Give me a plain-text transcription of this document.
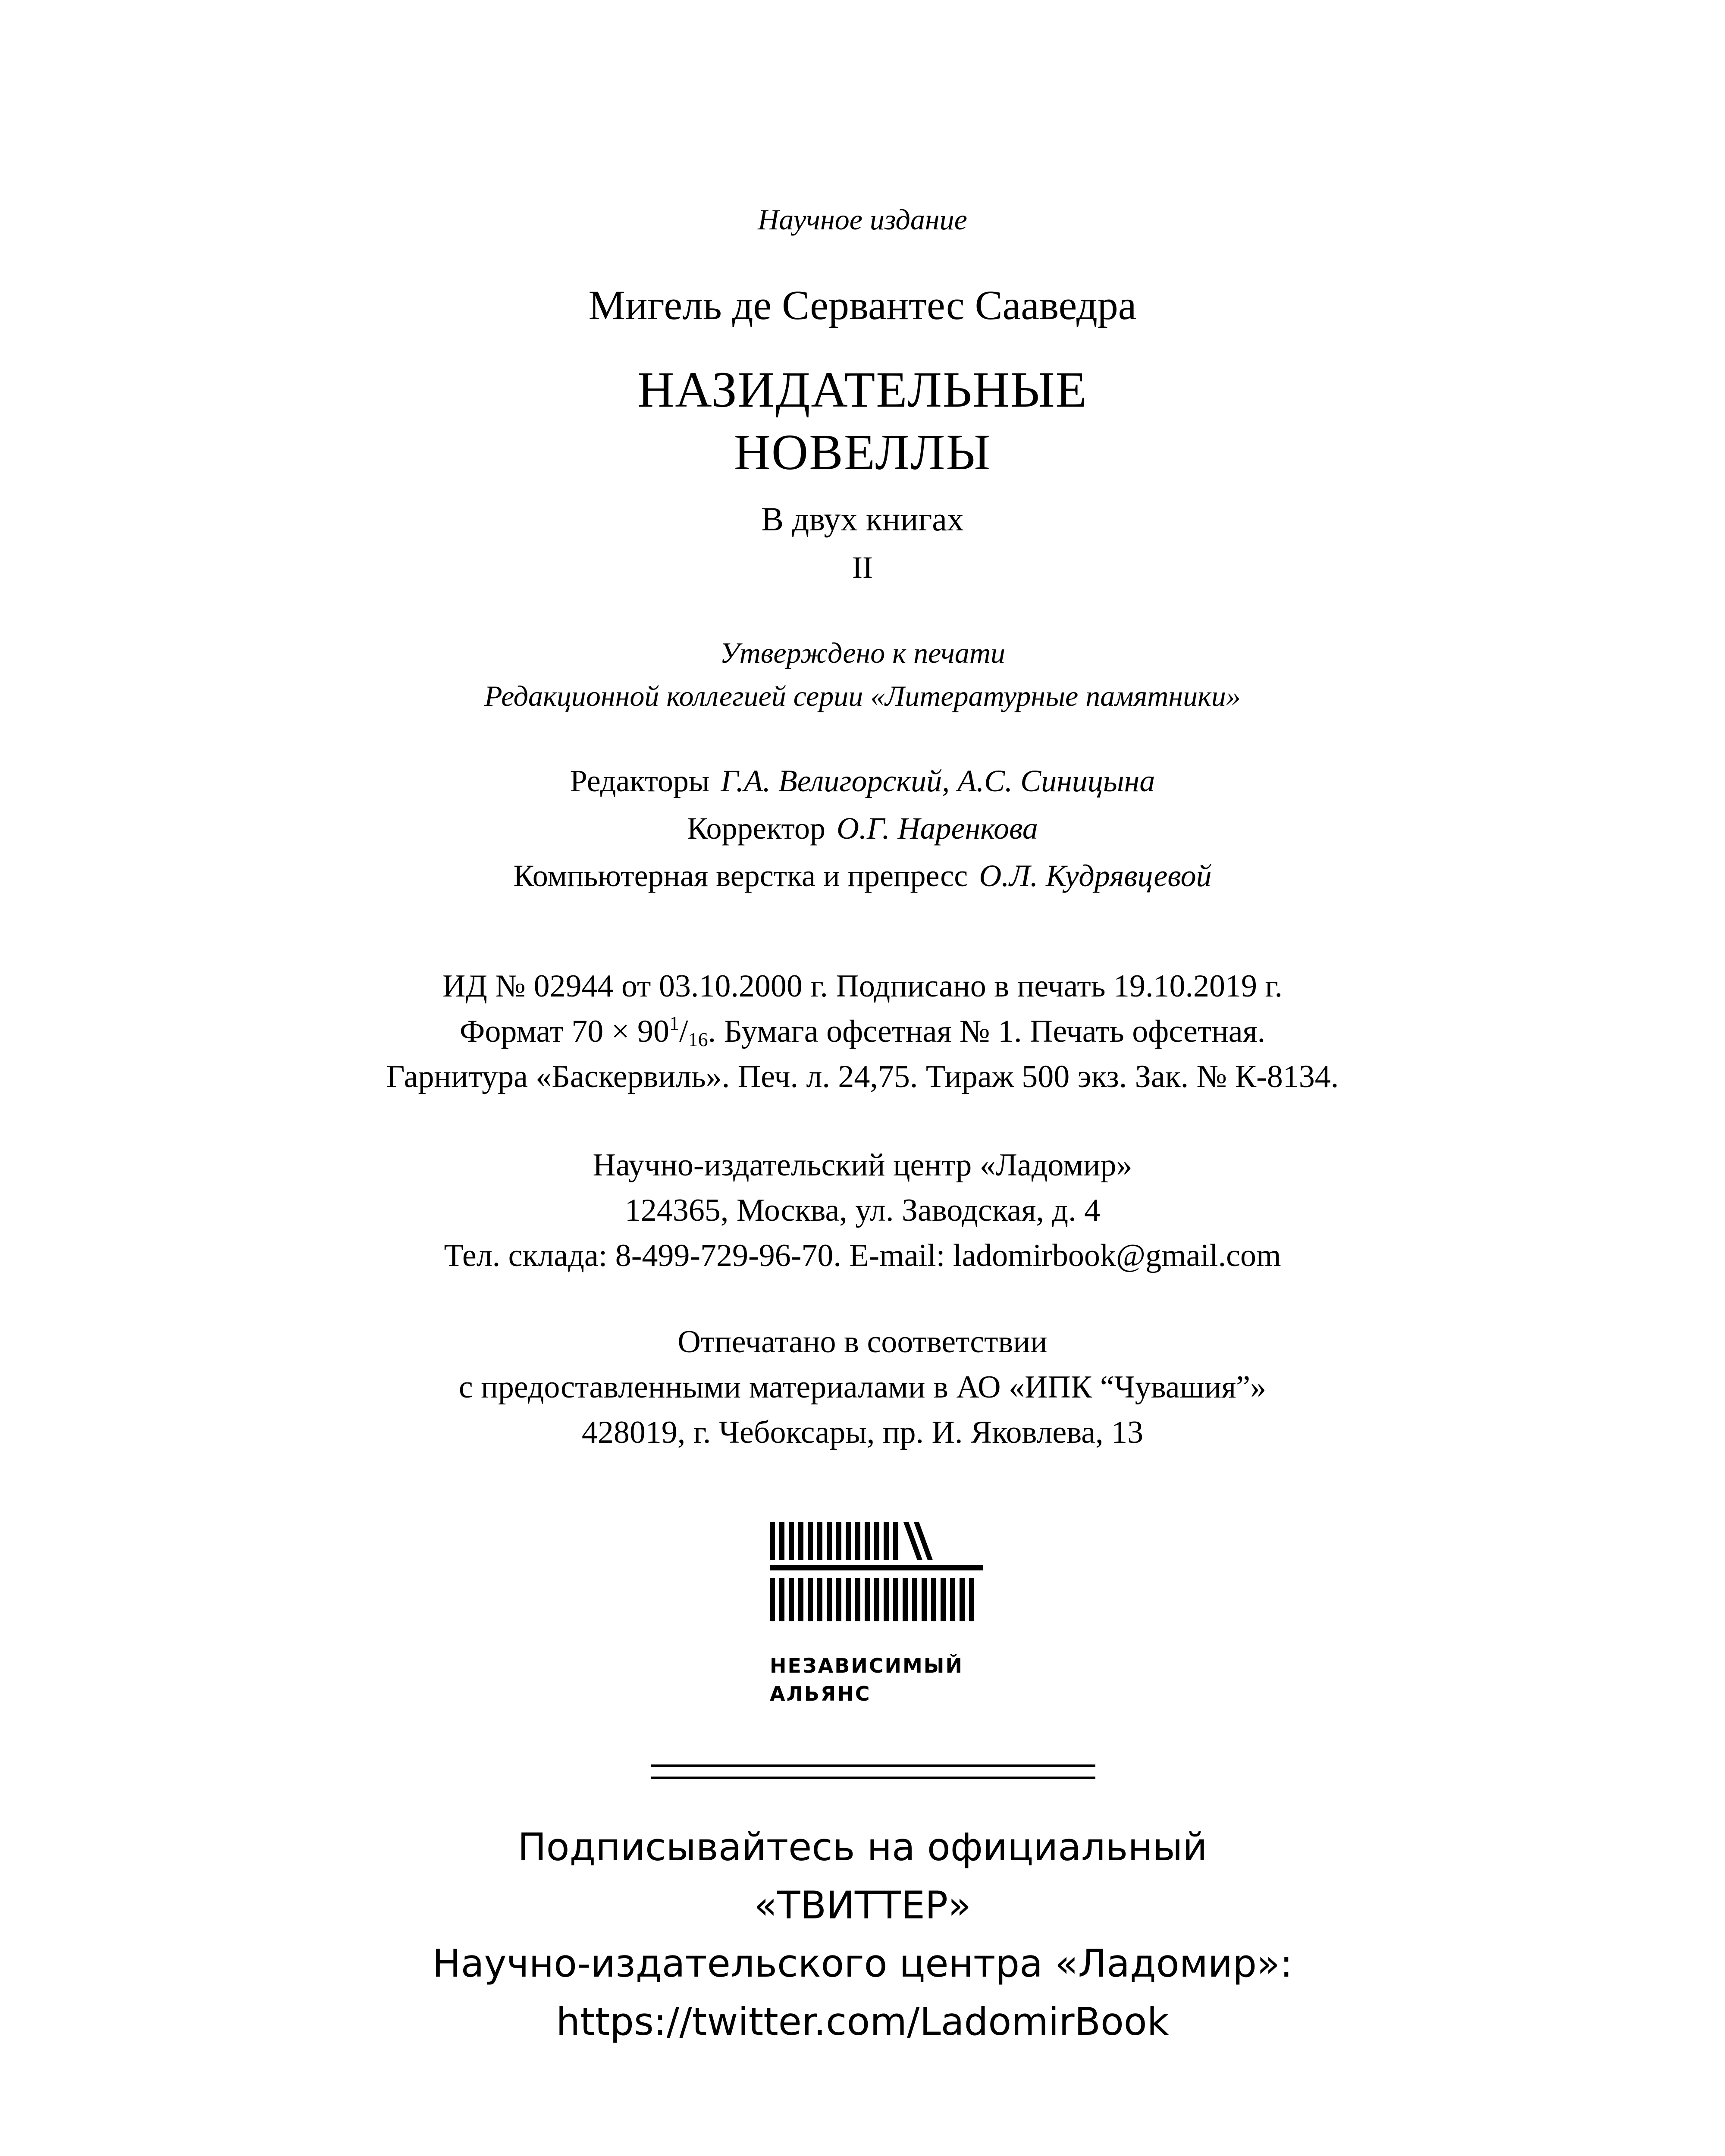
Научное издание
Мигель де Сервантес Сааведра
НАЗИДАТЕЛЬНЫЕ
НОВЕЛЛЫ
В двух книгах
II
Утверждено к печати
Редакционной коллегией серии «Литературные памятники»
Редакторы Г.А. Велигорский, А.С. Синицына
Корректор О.Г. Наренкова
Компьютерная верстка и препресс О.Л. Кудрявцевой
ИД № 02944 от 03.10.2000 г. Подписано в печать 19.10.2019 г.
Формат $70 \times 90^1/16$. Бумага офсетная № 1. Печать офсетная.
Гарнитура «Баскервиль». Печ. л. 24,75. Тираж 500 экз. Зак. № К-8134.
Научно-издательский центр «Ладомир»
124365, Москва, ул. Заводская, д. 4
Тел. склада: 8-499-729-96-70. E-mail: ladomirbook@gmail.com
Отпечатано в соответствии
с предоставленными материалами в АО «ИПК “Чувашия”»
428019, г. Чебоксары, пр. И. Яковлева, 13
НЕЗАВИСИМЫЙ
АЛЬЯНС
Подписывайтесь на официальный
«ТВИТТЕР»
Научно-издательского центра «Ладомир»:
https://twitter.com/LadomirBook
